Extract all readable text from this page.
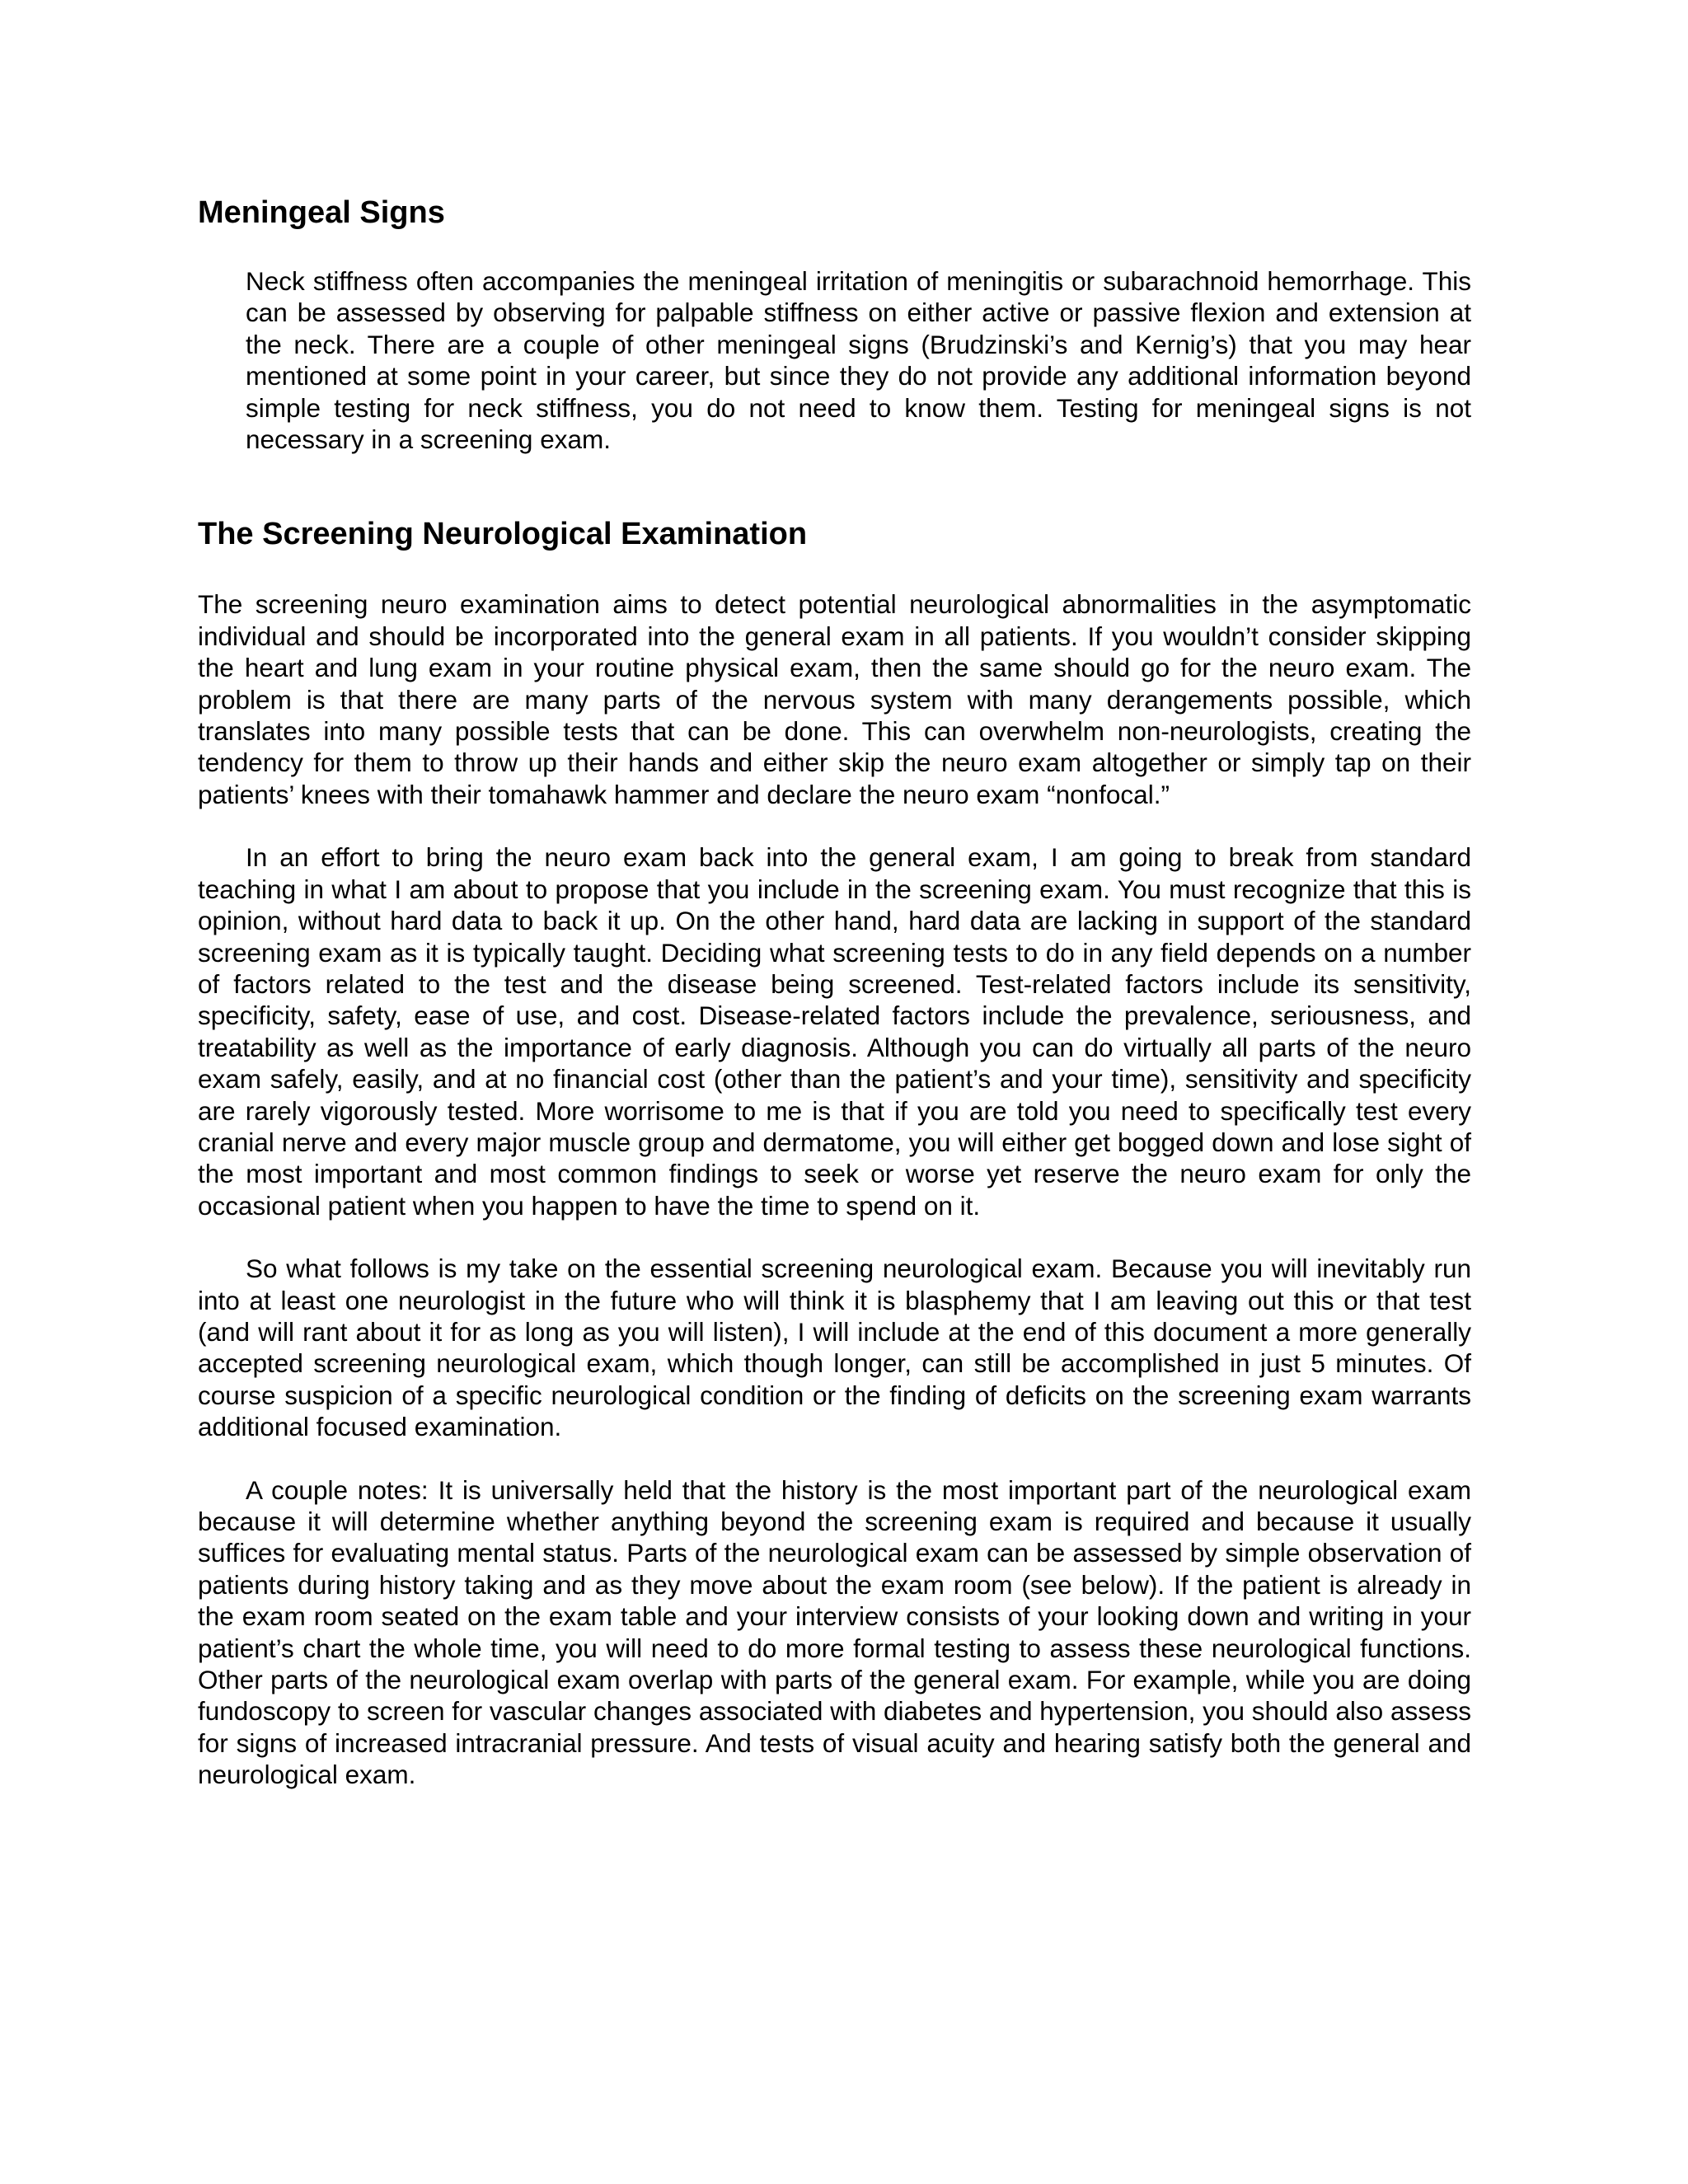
Meningeal Signs

Neck stiffness often accompanies the meningeal irritation of meningitis or subarachnoid hemorrhage. This can be assessed by observing for palpable stiffness on either active or passive flexion and extension at the neck. There are a couple of other meningeal signs (Brudzinski’s and Kernig’s) that you may hear mentioned at some point in your career, but since they do not provide any additional information beyond simple testing for neck stiffness, you do not need to know them. Testing for meningeal signs is not necessary in a screening exam.

The Screening Neurological Examination

The screening neuro examination aims to detect potential neurological abnormalities in the asymptomatic individual and should be incorporated into the general exam in all patients. If you wouldn’t consider skipping the heart and lung exam in your routine physical exam, then the same should go for the neuro exam. The problem is that there are many parts of the nervous system with many derangements possible, which translates into many possible tests that can be done. This can overwhelm non-neurologists, creating the tendency for them to throw up their hands and either skip the neuro exam altogether or simply tap on their patients’ knees with their tomahawk hammer and declare the neuro exam “nonfocal.”

In an effort to bring the neuro exam back into the general exam, I am going to break from standard teaching in what I am about to propose that you include in the screening exam. You must recognize that this is opinion, without hard data to back it up. On the other hand, hard data are lacking in support of the standard screening exam as it is typically taught. Deciding what screening tests to do in any field depends on a number of factors related to the test and the disease being screened. Test-related factors include its sensitivity, specificity, safety, ease of use, and cost. Disease-related factors include the prevalence, seriousness, and treatability as well as the importance of early diagnosis. Although you can do virtually all parts of the neuro exam safely, easily, and at no financial cost (other than the patient’s and your time), sensitivity and specificity are rarely vigorously tested. More worrisome to me is that if you are told you need to specifically test every cranial nerve and every major muscle group and dermatome, you will either get bogged down and lose sight of the most important and most common findings to seek or worse yet reserve the neuro exam for only the occasional patient when you happen to have the time to spend on it.

So what follows is my take on the essential screening neurological exam. Because you will inevitably run into at least one neurologist in the future who will think it is blasphemy that I am leaving out this or that test (and will rant about it for as long as you will listen), I will include at the end of this document a more generally accepted screening neurological exam, which though longer, can still be accomplished in just 5 minutes. Of course suspicion of a specific neurological condition or the finding of deficits on the screening exam warrants additional focused examination.

A couple notes: It is universally held that the history is the most important part of the neurological exam because it will determine whether anything beyond the screening exam is required and because it usually suffices for evaluating mental status. Parts of the neurological exam can be assessed by simple observation of patients during history taking and as they move about the exam room (see below). If the patient is already in the exam room seated on the exam table and your interview consists of your looking down and writing in your patient’s chart the whole time, you will need to do more formal testing to assess these neurological functions. Other parts of the neurological exam overlap with parts of the general exam. For example, while you are doing fundoscopy to screen for vascular changes associated with diabetes and hypertension, you should also assess for signs of increased intracranial pressure. And tests of visual acuity and hearing satisfy both the general and neurological exam.
